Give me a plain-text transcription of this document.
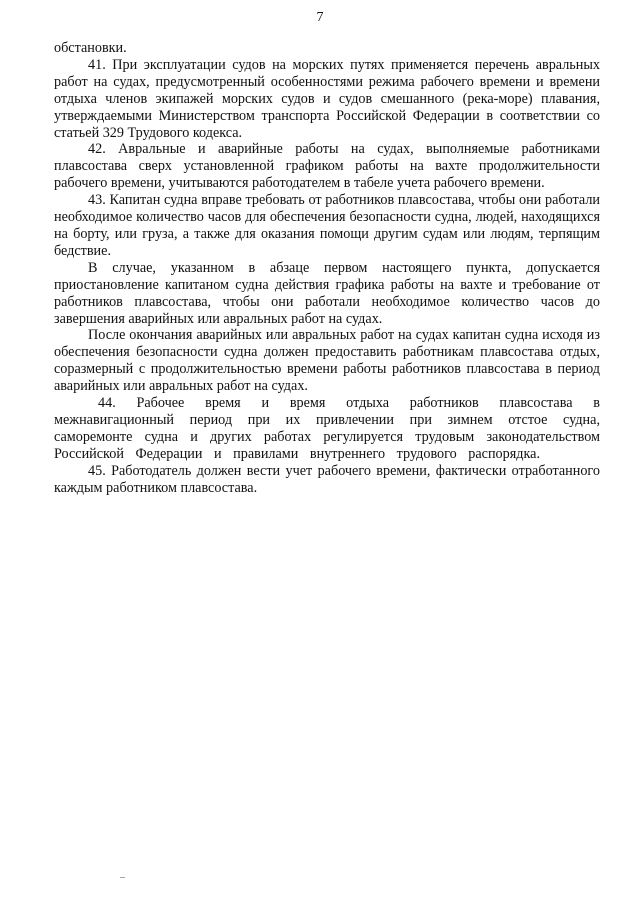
7

обстановки.

41. При эксплуатации судов на морских путях применяется перечень авральных работ на судах, предусмотренный особенностями режима рабочего времени и времени отдыха членов экипажей морских судов и судов смешанного (река-море) плавания, утверждаемыми Министерством транспорта Российской Федерации в соответствии со статьей 329 Трудового кодекса.

42. Авральные и аварийные работы на судах, выполняемые работниками плавсостава сверх установленной графиком работы на вахте продолжительности рабочего времени, учитываются работодателем в табеле учета рабочего времени.

43. Капитан судна вправе требовать от работников плавсостава, чтобы они работали необходимое количество часов для обеспечения безопасности судна, людей, находящихся на борту, или груза, а также для оказания помощи другим судам или людям, терпящим бедствие.

В случае, указанном в абзаце первом настоящего пункта, допускается приостановление капитаном судна действия графика работы на вахте и требование от работников плавсостава, чтобы они работали необходимое количество часов до завершения аварийных или авральных работ на судах.

После окончания аварийных или авральных работ на судах капитан судна исходя из обеспечения безопасности судна должен предоставить работникам плавсостава отдых, соразмерный с продолжительностью времени работы работников плавсостава в период аварийных или авральных работ на судах.

44. Рабочее время и время отдыха работников плавсостава в межнавигационный период при их привлечении при зимнем отстое судна, саморемонте судна и других работах регулируется трудовым законодательством Российской Федерации и правилами внутреннего трудового распорядка.

45. Работодатель должен вести учет рабочего времени, фактически отработанного каждым работником плавсостава.

_
